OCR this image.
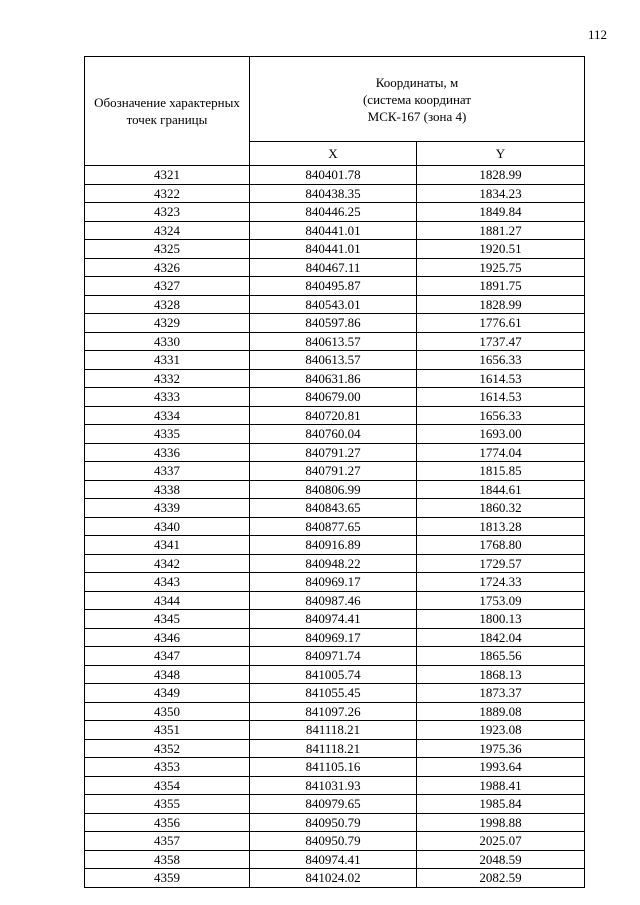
112
Обозначение характерных точек границы	Координаты, м
(система координат
МСК-167 (зона 4)	

	X	Y
4321	840401.78	1828.99
4322	840438.35	1834.23
4323	840446.25	1849.84
4324	840441.01	1881.27
4325	840441.01	1920.51
4326	840467.11	1925.75
4327	840495.87	1891.75
4328	840543.01	1828.99
4329	840597.86	1776.61
4330	840613.57	1737.47
4331	840613.57	1656.33
4332	840631.86	1614.53
4333	840679.00	1614.53
4334	840720.81	1656.33
4335	840760.04	1693.00
4336	840791.27	1774.04
4337	840791.27	1815.85
4338	840806.99	1844.61
4339	840843.65	1860.32
4340	840877.65	1813.28
4341	840916.89	1768.80
4342	840948.22	1729.57
4343	840969.17	1724.33
4344	840987.46	1753.09
4345	840974.41	1800.13
4346	840969.17	1842.04
4347	840971.74	1865.56
4348	841005.74	1868.13
4349	841055.45	1873.37
4350	841097.26	1889.08
4351	841118.21	1923.08
4352	841118.21	1975.36
4353	841105.16	1993.64
4354	841031.93	1988.41
4355	840979.65	1985.84
4356	840950.79	1998.88
4357	840950.79	2025.07
4358	840974.41	2048.59
4359	841024.02	2082.59
